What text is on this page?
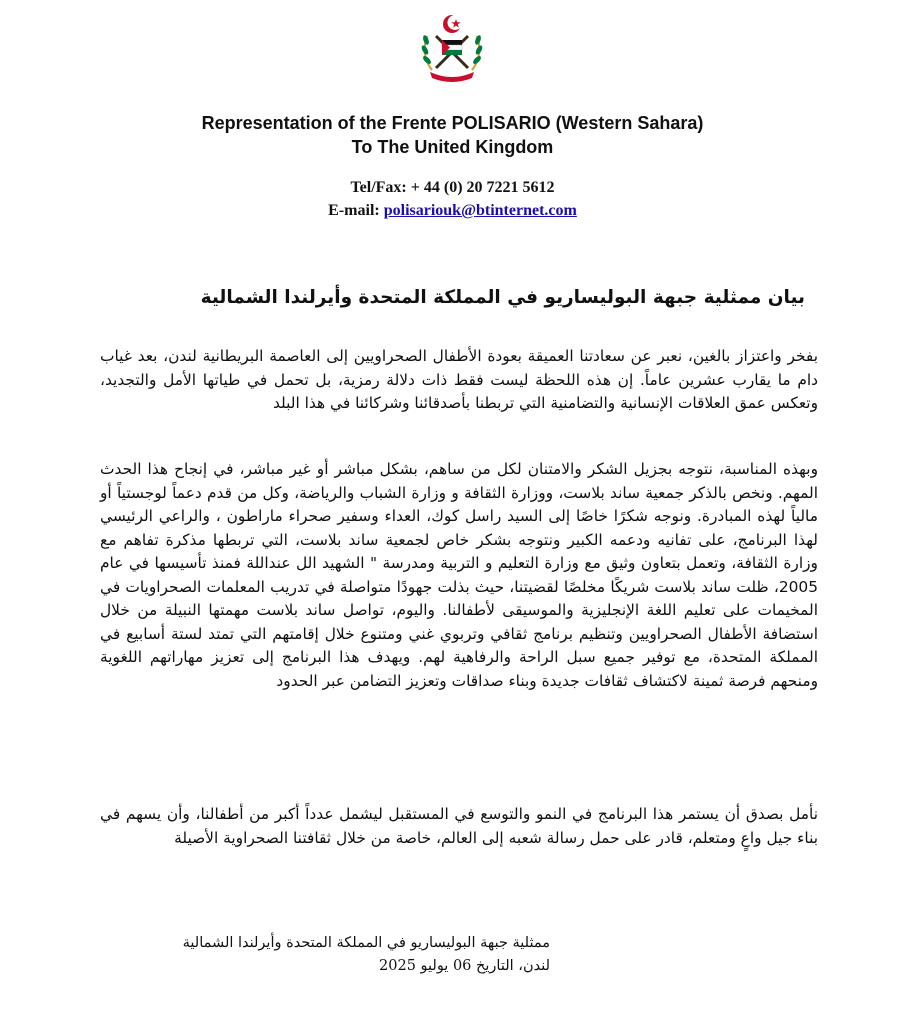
Representation of the Frente POLISARIO (Western Sahara)
To The United Kingdom
Tel/Fax: + 44 (0) 20 7221 5612
E-mail: polisariouk@btinternet.com
بيان ممثلية جبهة البوليساريو في المملكة المتحدة وأيرلندا الشمالية

بفخر واعتزاز بالغين، نعبر عن سعادتنا العميقة بعودة الأطفال الصحراويين إلى العاصمة البريطانية لندن، بعد غياب دام ما يقارب عشرين عاماً. إن هذه اللحظة ليست فقط ذات دلالة رمزية، بل تحمل في طياتها الأمل والتجديد، وتعكس عمق العلاقات الإنسانية والتضامنية التي تربطنا بأصدقائنا وشركائنا في هذا البلد

وبهذه المناسبة، نتوجه بجزيل الشكر والامتنان لكل من ساهم، بشكل مباشر أو غير مباشر، في إنجاح هذا الحدث المهم. ونخص بالذكر جمعية ساند بلاست، ووزارة الثقافة و وزارة الشباب والرياضة، وكل من قدم دعماً لوجستياً أو مالياً لهذه المبادرة. ونوجه شكرًا خاصًا إلى السيد راسل كوك، العداء وسفير صحراء ماراطون ، والراعي الرئيسي لهذا البرنامج، على تفانيه ودعمه الكبير ونتوجه بشكر خاص لجمعية ساند بلاست، التي تربطها مذكرة تفاهم مع وزارة الثقافة، وتعمل بتعاون وثيق مع وزارة التعليم و التربية ومدرسة " الشهيد الل عنداللة فمنذ تأسيسها في عام 2005، ظلت ساند بلاست شريكًا مخلصًا لقضيتنا، حيث بذلت جهودًا متواصلة في تدريب المعلمات الصحراويات في المخيمات على تعليم اللغة الإنجليزية والموسيقى لأطفالنا. واليوم، تواصل ساند بلاست مهمتها النبيلة من خلال استضافة الأطفال الصحراويين وتنظيم برنامج ثقافي وتربوي غني ومتنوع خلال إقامتهم التي تمتد لستة أسابيع في المملكة المتحدة، مع توفير جميع سبل الراحة والرفاهية لهم. ويهدف هذا البرنامج إلى تعزيز مهاراتهم اللغوية ومنحهم فرصة ثمينة لاكتشاف ثقافات جديدة وبناء صداقات وتعزيز التضامن عبر الحدود

نأمل بصدق أن يستمر هذا البرنامج في النمو والتوسع في المستقبل ليشمل عدداً أكبر من أطفالنا، وأن يسهم في بناء جيل واعٍ ومتعلم، قادر على حمل رسالة شعبه إلى العالم، خاصة من خلال ثقافتنا الصحراوية الأصيلة

ممثلية جبهة البوليساريو في المملكة المتحدة وأيرلندا الشمالية
لندن، التاريخ 06 يوليو 2025
